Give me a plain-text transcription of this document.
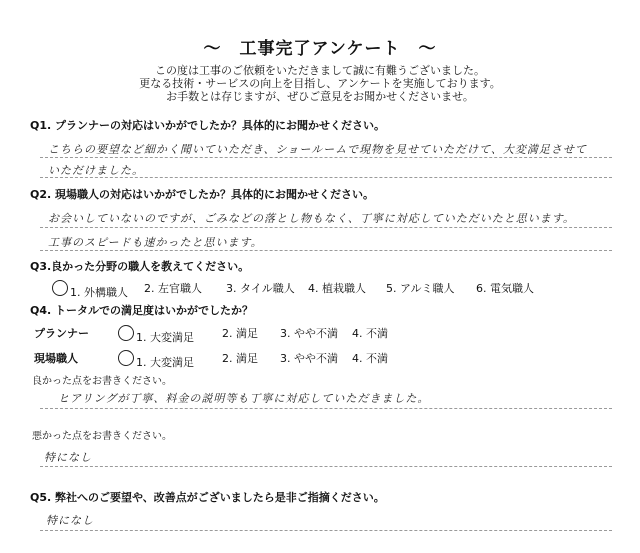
～　工事完了アンケート　～
この度は工事のご依頼をいただきまして誠に有難うございました。
更なる技術・サービスの向上を目指し、アンケートを実施しております。
お手数とは存じますが、ぜひご意見をお聞かせくださいませ。
Q1. プランナーの対応はいかがでしたか？具体的にお聞かせください。
こちらの要望など細かく聞いていただき、ショールームで現物を見せていただけて、大変満足させて
いただけました。
Q2. 現場職人の対応はいかがでしたか？具体的にお聞かせください。
お会いしていないのですが、ごみなどの落とし物もなく、丁寧に対応していただいたと思います。
工事のスピードも速かったと思います。
Q3.良かった分野の職人を教えてください。
1. 外構職人 2. 左官職人 3. タイル職人 4. 植栽職人 5. アルミ職人 6. 電気職人
Q4. トータルでの満足度はいかがでしたか？
プランナー	1. 大変満足	2. 満足 3. やや不満 4. 不満
現場職人	1. 大変満足	2. 満足 3. やや不満 4. 不満
良かった点をお書きください。
ヒアリングが丁寧、料金の説明等も丁寧に対応していただきました。
悪かった点をお書きください。
特になし
Q5. 弊社へのご要望や、改善点がございましたら是非ご指摘ください。
特になし
